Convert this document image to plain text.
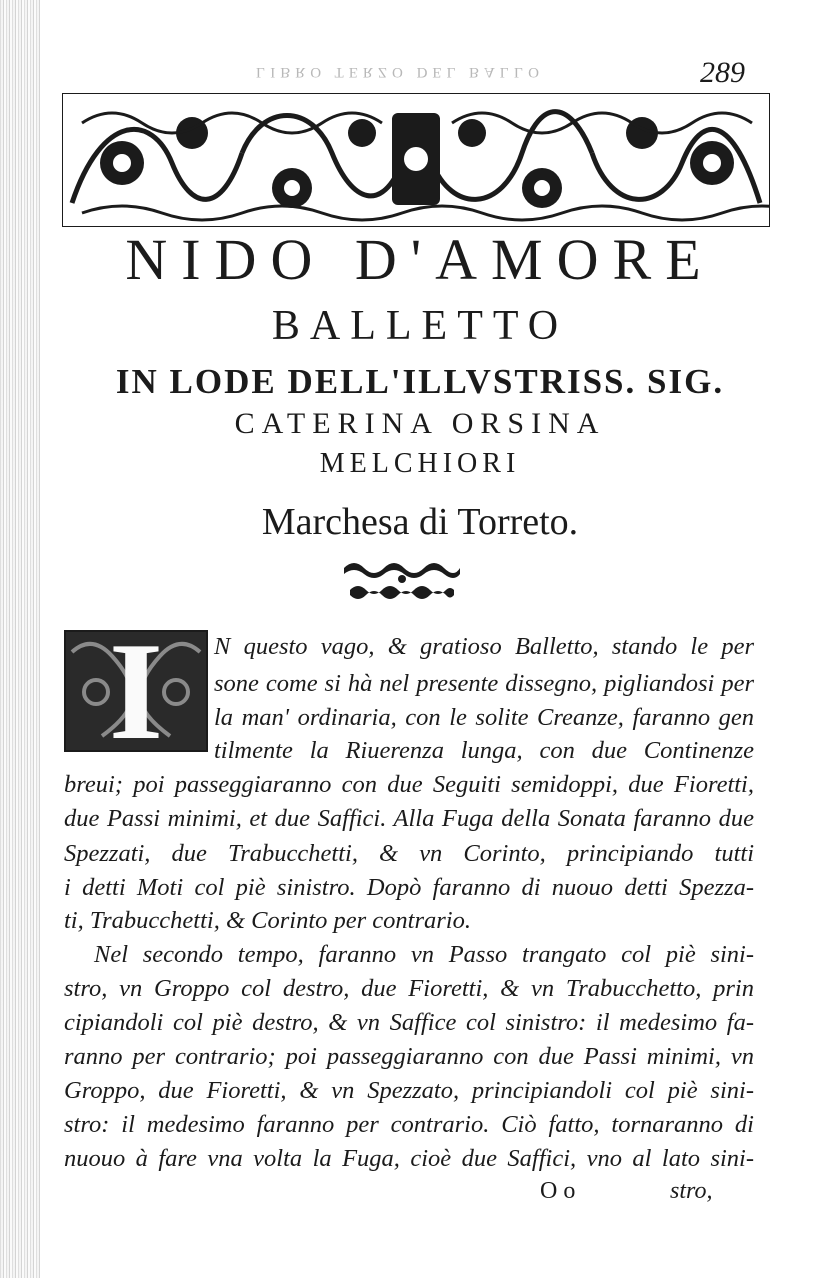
LIBRO TERZO DEL BALLO	289
NIDO D'AMORE
BALLETTO
IN LODE DELL'ILLVSTRISS. SIG.
CATERINA ORSINA
MELCHIORI
Marchesa di Torreto.
I	N questo vago, & gratioso Balletto, stando le per
sone come si hà nel presente dissegno, pigliandosi per
la man' ordinaria, con le solite Creanze, faranno gen
tilmente la Riuerenza lunga, con due Continenze
breui; poi passeggiaranno con due Seguiti semidoppi, due Fioretti,
due Passi minimi, et due Saffici. Alla Fuga della Sonata faranno due
Spezzati, due Trabucchetti, & vn Corinto, principiando tutti
i detti Moti col piè sinistro. Dopò faranno di nuouo detti Spezza-
ti, Trabucchetti, & Corinto per contrario.
Nel secondo tempo, faranno vn Passo trangato col piè sini-
stro, vn Groppo col destro, due Fioretti, & vn Trabucchetto, prin
cipiandoli col piè destro, & vn Saffice col sinistro: il medesimo fa-
ranno per contrario; poi passeggiaranno con due Passi minimi, vn
Groppo, due Fioretti, & vn Spezzato, principiandoli col piè sini-
stro: il medesimo faranno per contrario. Ciò fatto, tornaranno di
nuouo à fare vna volta la Fuga, cioè due Saffici, vno al lato sini-
O o	stro,
